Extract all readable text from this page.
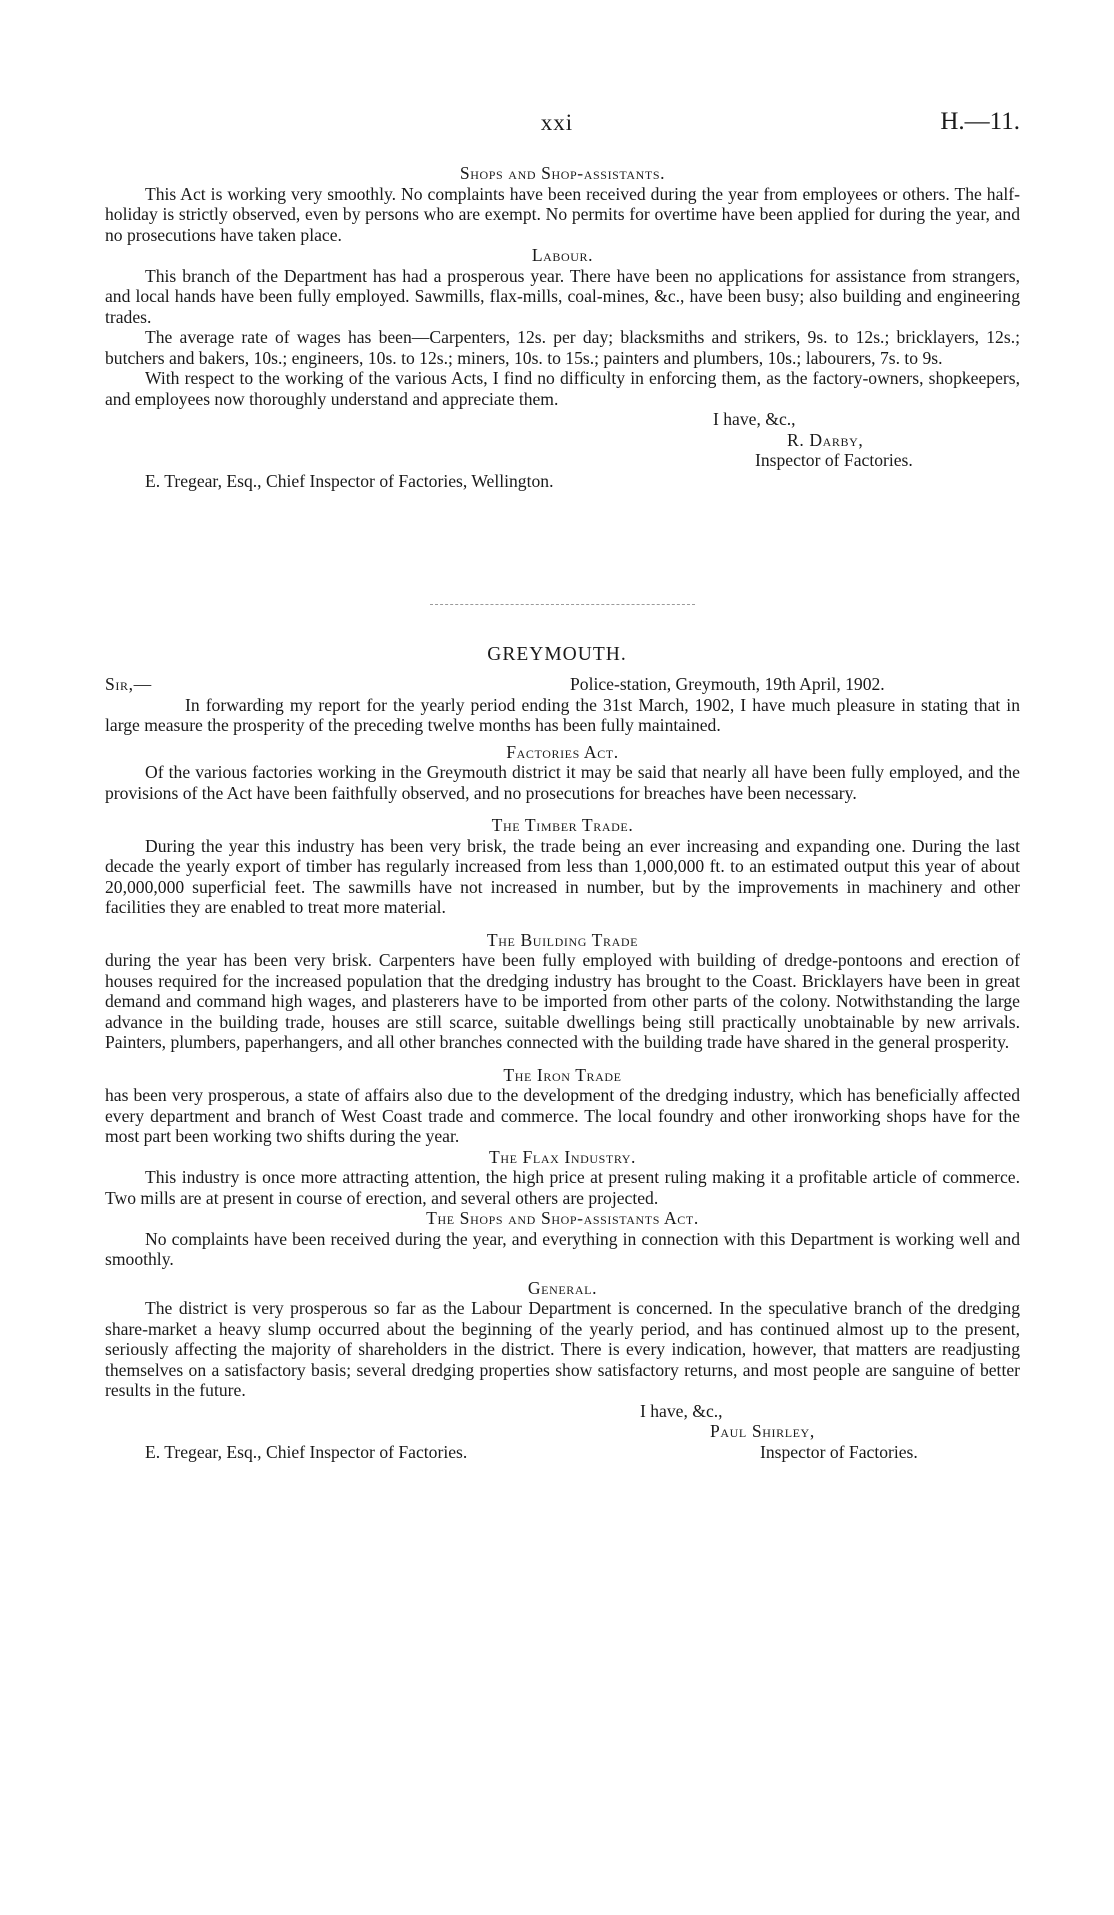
xxi	H.—11.
Shops and Shop-assistants.

This Act is working very smoothly. No complaints have been received during the year from employees or others. The half-holiday is strictly observed, even by persons who are exempt. No permits for overtime have been applied for during the year, and no prosecutions have taken place.

Labour.

This branch of the Department has had a prosperous year. There have been no applications for assistance from strangers, and local hands have been fully employed. Sawmills, flax-mills, coal-mines, &c., have been busy; also building and engineering trades.

The average rate of wages has been—Carpenters, 12s. per day; blacksmiths and strikers, 9s. to 12s.; bricklayers, 12s.; butchers and bakers, 10s.; engineers, 10s. to 12s.; miners, 10s. to 15s.; painters and plumbers, 10s.; labourers, 7s. to 9s.

With respect to the working of the various Acts, I find no difficulty in enforcing them, as the factory-owners, shopkeepers, and employees now thoroughly understand and appreciate them.

I have, &c.,

R. Darby,

Inspector of Factories.

E. Tregear, Esq., Chief Inspector of Factories, Wellington.

GREYMOUTH.
Sir,—	Police-station, Greymouth, 19th April, 1902.

In forwarding my report for the yearly period ending the 31st March, 1902, I have much pleasure in stating that in large measure the prosperity of the preceding twelve months has been fully maintained.

Factories Act.

Of the various factories working in the Greymouth district it may be said that nearly all have been fully employed, and the provisions of the Act have been faithfully observed, and no prosecutions for breaches have been necessary.

The Timber Trade.

During the year this industry has been very brisk, the trade being an ever increasing and expanding one. During the last decade the yearly export of timber has regularly increased from less than 1,000,000 ft. to an estimated output this year of about 20,000,000 superficial feet. The sawmills have not increased in number, but by the improvements in machinery and other facilities they are enabled to treat more material.

The Building Trade

during the year has been very brisk. Carpenters have been fully employed with building of dredge-pontoons and erection of houses required for the increased population that the dredging industry has brought to the Coast. Bricklayers have been in great demand and command high wages, and plasterers have to be imported from other parts of the colony. Notwithstanding the large advance in the building trade, houses are still scarce, suitable dwellings being still practically unobtainable by new arrivals. Painters, plumbers, paperhangers, and all other branches connected with the building trade have shared in the general prosperity.

The Iron Trade

has been very prosperous, a state of affairs also due to the development of the dredging industry, which has beneficially affected every department and branch of West Coast trade and commerce. The local foundry and other ironworking shops have for the most part been working two shifts during the year.

The Flax Industry.

This industry is once more attracting attention, the high price at present ruling making it a profitable article of commerce. Two mills are at present in course of erection, and several others are projected.

The Shops and Shop-assistants Act.

No complaints have been received during the year, and everything in connection with this Department is working well and smoothly.

General.

The district is very prosperous so far as the Labour Department is concerned. In the speculative branch of the dredging share-market a heavy slump occurred about the beginning of the yearly period, and has continued almost up to the present, seriously affecting the majority of shareholders in the district. There is every indication, however, that matters are readjusting themselves on a satisfactory basis; several dredging properties show satisfactory returns, and most people are sanguine of better results in the future.

I have, &c.,

Paul Shirley,

E. Tregear, Esq., Chief Inspector of Factories.	Inspector of Factories.
